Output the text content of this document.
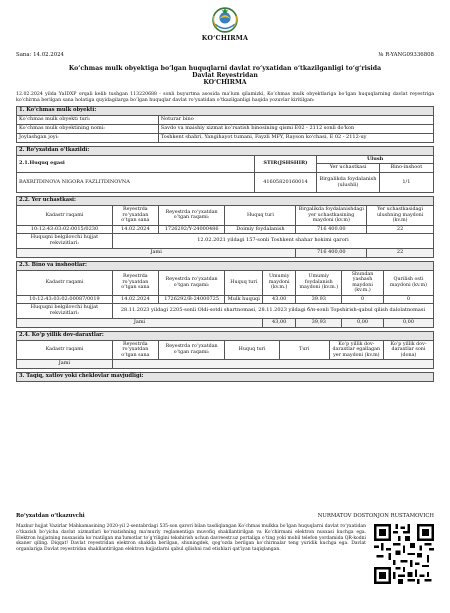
KO‘CHIRMA
Sana: 14.02.2024	№ R-YANG09336808
Ko‘chmas mulk obyektiga bo‘lgan huquqlarni davlat ro‘yxatidan o‘tkazilganligi to‘g‘risida
Davlat Reyestridan
KO‘CHIRMA

12.02.2024 yilda YaIDXP orqali kelib tushgan 113220688 - sonli buyurtma asosida ma'lum qilamizki, Ko‘chmas mulk obyektlariga bo‘lgan huquqlarning davlat reyestriga ko‘chirma berilgan sana holatiga quyidagilarga bo‘lgan huquqlar davlat ro‘yxatidan o‘tkazilganligi haqida yozuvlar kiritilgan:

1. Ko‘chmas mulk obyekti:	
Ko‘chmas mulk obyekti turi:	Noturar bino
Ko‘chmas mulk obyektining nomi:	Savdo va maishiy xizmat ko‘rsatish binosining qismi E02 - 2112 sonli do'kon
Joylashgan joyi:	Toshkent shahri, Yangihayot tumani, Fayzli MFY, Rayson ko'chasi, E 02 - 2112-uy
2. Ro‘yxatdan o‘tkazildi:			
2.1.Huquq egasi	STIR(JSHSHIR)	Ulush	
		Yer uchastkasi	Bino-inshoot
BAXRITDINOVA NIGORA FAZLITDINOVNA	41605820160014	Birgalikda foydalanish (ulushli)	1/1
2.2. Yer uchastkasi:					
Kadastr raqami	Reyestrda ro‘yxatdan o‘tgan sana	Reyestrda ro‘yxatdan o‘tgan raqami:	Huquq turi	Birgalikda foydalanishdagi yer uchastkasining maydoni (kv.m)	Yer uchastkasidagi ulushning maydoni (kv.m)
10:12:43:03:02:0015/0230	14.02.2024	1726292/Y-24000486	Doimiy foydalanish	716 400.00	22
Huquqni belgilovchi hujjat rekvizitlari:	12.02.2021 yildagi 157-sonli Toshkent shahar hokimi qarori				
Jami				716 400,00	22
2.3. Bino va inshootlar:							
Kadastr raqami	Reyestrda ro‘yxatdan o‘tgan sana	Reyestrda ro‘yxatdan o‘tgan raqami:	Huquq turi	Umumiy maydoni (kv.m.)	Umumiy foydalanish maydoni (kv.m.)	Shundan yashash maydoni (kv.m.)	Qurilish osti maydoni (kv.m)
10:12:43:03:02:00087/0019	14.02.2024	1726292/B-24000725	Mulk huquqi	43.00	39.93	0	0
Huquqni belgilovchi hujjat rekvizitlari:	28.11.2023 yildagi 2205-sonli Oldi-sotdi shartnomasi, 28.11.2023 yildagi б/н-sonli Topshirish-qabul qilish dalolatnomasi						
Jami				43,00	39,93	0,00	0,00
2.4. Ko‘p yillik dov-daraxtlar:						
Kadastr raqami	Reyestrda ro‘yxatdan o‘tgan sana	Reyestrda ro‘yxatdan o‘tgan raqami:	Huquq turi	Turi	Ko‘p yillik dov-daraxtlar egallagan yer maydoni (kv.m)	Ko‘p yillik dov-daraxtlar soni (dona)
Jami						
3. Taqiq, xatlov yoki cheklovlar mavjudligi:
Ro‘yxatdan o‘tkazuvchi	NURMATOV DOSTONJON RUSTAMOVICH

Mazkur hujjat Vazirlar Mahkamasining 2020-yil 2-sentabrdagi 535-son qarori bilan tasdiqlangan Ko‘chmas mulkka bo‘lgan huquqlarni davlat ro‘yxatidan o‘tkazish bo‘yicha davlat xizmatlari ko‘rsatishning ma'muriy reglamentiga muvofiq shakllantirilgan va Ko‘chirmani elektron nusxasi kuchga ega. Elektron hujjatning nusxasida ko‘rsatilgan ma'lumotlar to‘g‘riligini tekshirish uchun davreestr.uz portaliga o‘ting yoki mobil telefon yordamida QR-kodni skaner qiling. Diqqat! Davlat reyestridan elektron shaklda berilgan, shuningdek, qog‘ozda berilgan ko‘chirmalar teng yuridik kuchga ega. Davlat organlariga Davlat reyestridan shakllantirilgan elektron hujjatlarni qabul qilishni rad etishlari qat'iyan taqiqlangan.
